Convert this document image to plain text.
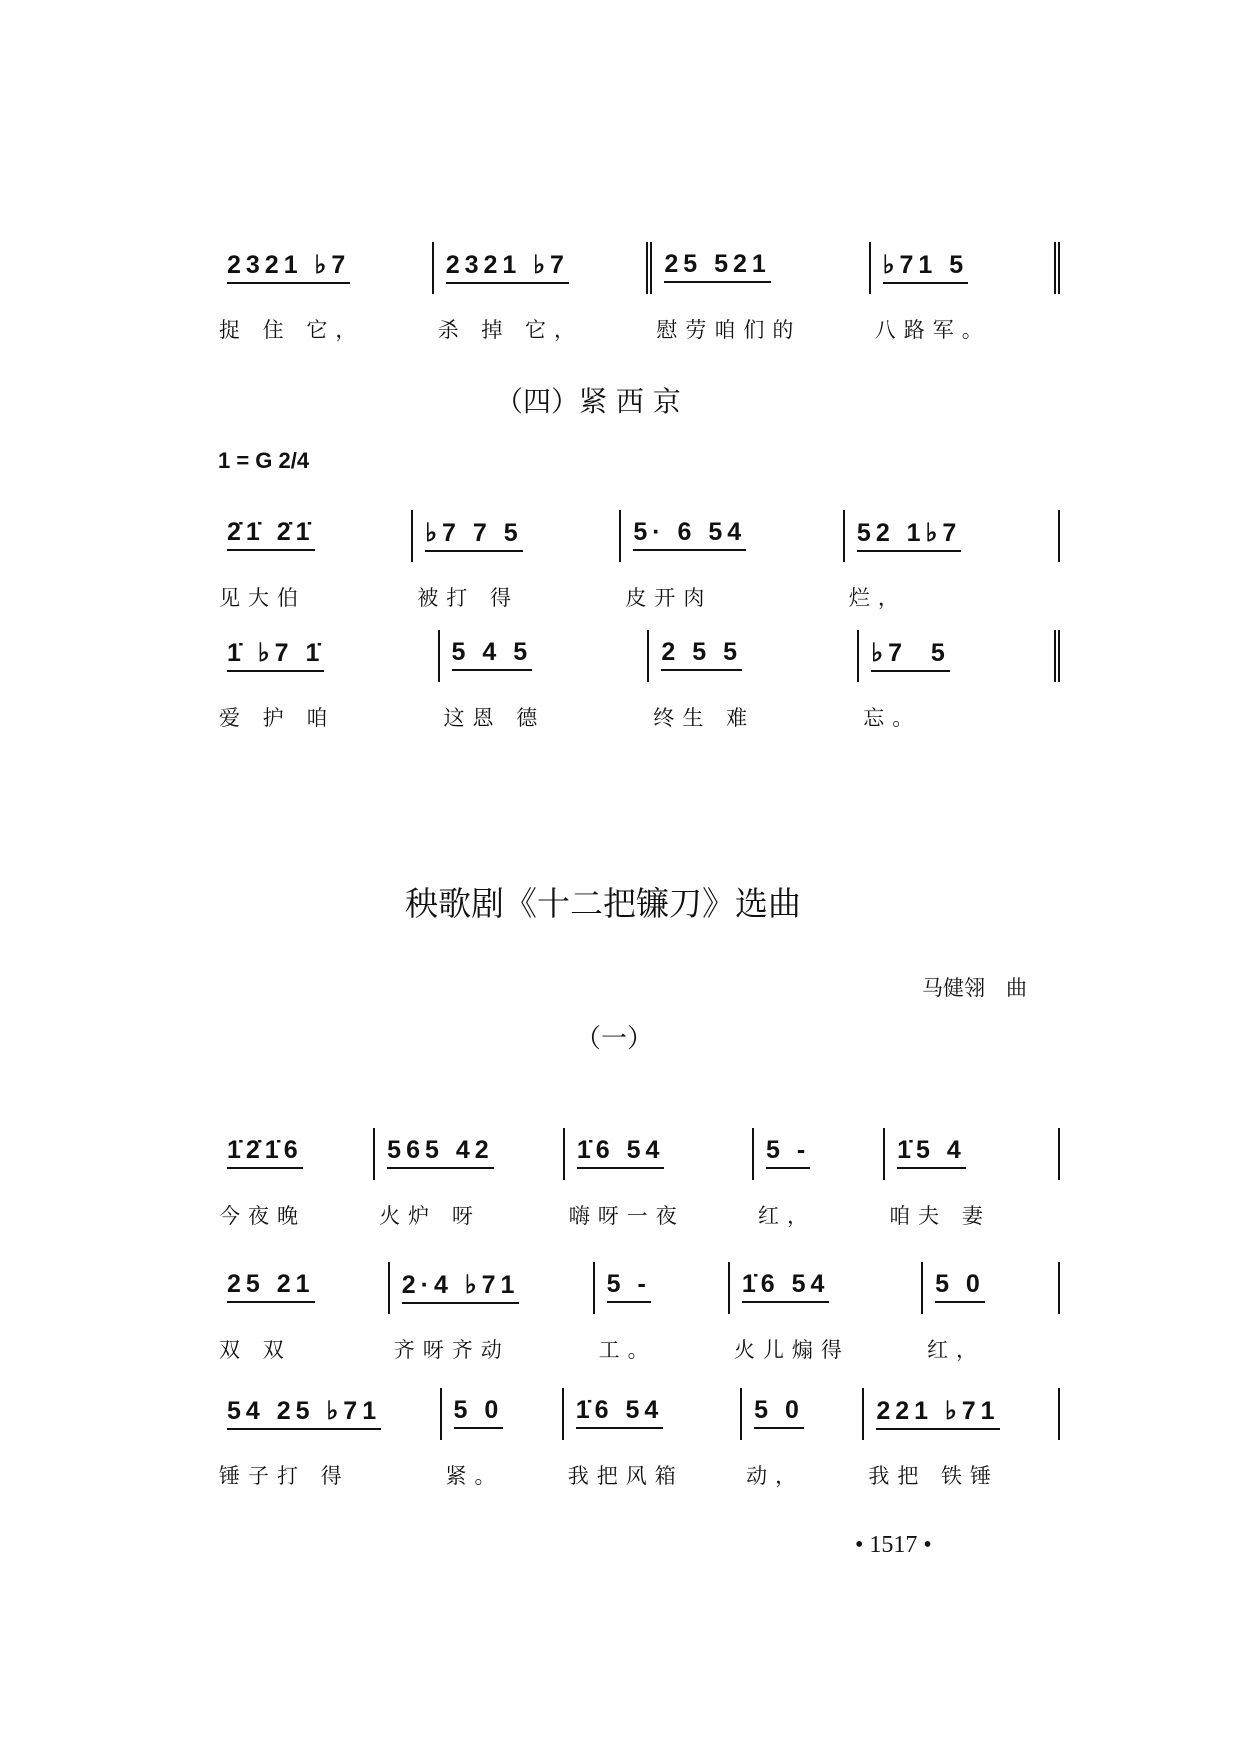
2321 ♭7
捉 住 它，
2321 ♭7
杀 掉 它，
25 521
慰劳咱们的
♭71 5
八路军。
2̇1̇ 2̇1̇
见大伯
♭7 7 5
被打 得
5· 6 54
皮开肉
52 1♭7
烂，
1̇ ♭7 1̇
爱 护 咱
5 4 5
这恩 德
2 5 5
终生 难
♭7  5
忘。
1̇2̇1̇6
今夜晚
565 42
火炉 呀
1̇6 54
嗨呀一夜
5 -
红，
1̇5 4
咱夫 妻
25 21
双 双
2·4 ♭71
齐呀齐动
5 -
工。
1̇6 54
火儿煽得
5 0
红，
54 25 ♭71
锤子打 得
5 0
紧。
1̇6 54
我把风箱
5 0
动，
221 ♭71
我把 铁锤
（四）紧 西 京
1 = G 2/4
秧歌剧《十二把镰刀》选曲
马健翎　曲
（一）
• 1517 •
